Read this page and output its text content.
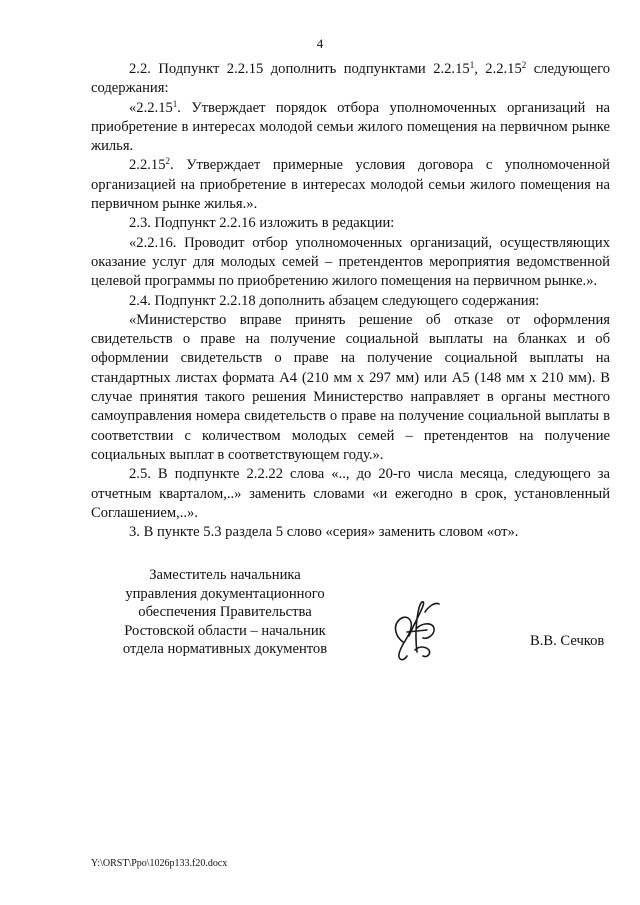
4

2.2. Подпункт 2.2.15 дополнить подпунктами 2.2.15$^1$, 2.2.15$^2$ следующего содержания:

«2.2.15$^1$. Утверждает порядок отбора уполномоченных организаций на приобретение в интересах молодой семьи жилого помещения на первичном рынке жилья.

2.2.15$^2$. Утверждает примерные условия договора с уполномоченной организацией на приобретение в интересах молодой семьи жилого помещения на первичном рынке жилья.».

2.3. Подпункт 2.2.16 изложить в редакции:

«2.2.16. Проводит отбор уполномоченных организаций, осуществляющих оказание услуг для молодых семей – претендентов мероприятия ведомственной целевой программы по приобретению жилого помещения на первичном рынке.».

2.4. Подпункт 2.2.18 дополнить абзацем следующего содержания:

«Министерство вправе принять решение об отказе от оформления свидетельств о праве на получение социальной выплаты на бланках и об оформлении свидетельств о праве на получение социальной выплаты на стандартных листах формата А4 (210 мм х 297 мм) или А5 (148 мм х 210 мм). В случае принятия такого решения Министерство направляет в органы местного самоуправления номера свидетельств о праве на получение социальной выплаты в соответствии с количеством молодых семей – претендентов на получение социальных выплат в соответствующем году.».

2.5. В подпункте 2.2.22 слова «.., до 20-го числа месяца, следующего за отчетным кварталом,..» заменить словами «и ежегодно в срок, установленный Соглашением,..».

3. В пункте 5.3 раздела 5 слово «серия» заменить словом «от».

Заместитель начальника
управления документационного
обеспечения Правительства
Ростовской области – начальник
отдела нормативных документов	В.В. Сечков
Y:\ORST\Ppo\1026p133.f20.docx
